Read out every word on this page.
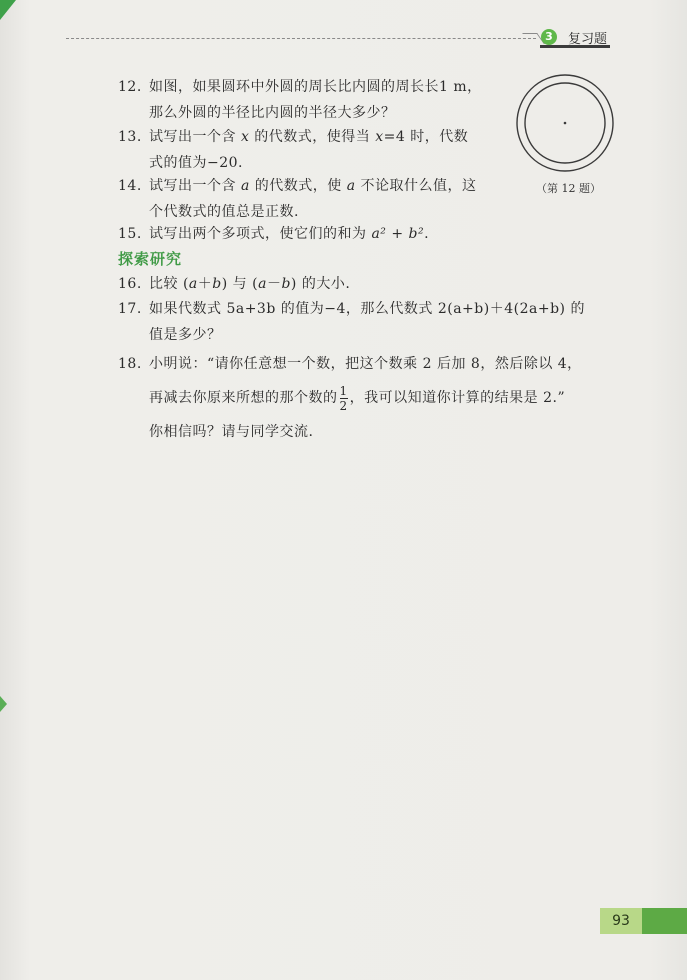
3	复习题
12. 如图，如果圆环中外圆的周长比内圆的周长长1 m，
那么外圆的半径比内圆的半径大多少？
13. 试写出一个含 x 的代数式，使得当 x=4 时，代数
式的值为−20.
14. 试写出一个含 a 的代数式，使 a 不论取什么值，这
个代数式的值总是正数.
15. 试写出两个多项式，使它们的和为 a² + b².
（第 12 题）
探索研究
16. 比较 (a＋b) 与 (a－b) 的大小.
17. 如果代数式 5a+3b 的值为−4，那么代数式 2(a+b)＋4(2a+b) 的
值是多少？
18. 小明说：“请你任意想一个数，把这个数乘 2 后加 8，然后除以 4，
再减去你原来所想的那个数的 $\frac{1}{2}$ ，我可以知道你计算的结果是 2.”
你相信吗？请与同学交流.
93
